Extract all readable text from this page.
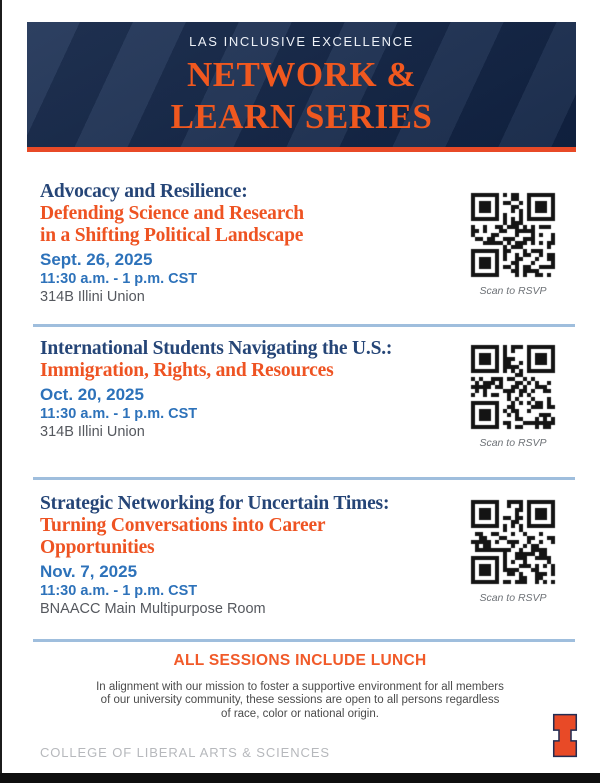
LAS INCLUSIVE EXCELLENCE
NETWORK &
LEARN SERIES
Advocacy and Resilience:
Defending Science and Research
in a Shifting Political Landscape
Sept. 26, 2025
11:30 a.m. - 1 p.m. CST
314B Illini Union	Scan to RSVP
International Students Navigating the U.S.:
Immigration, Rights, and Resources
Oct. 20, 2025
11:30 a.m. - 1 p.m. CST
314B Illini Union
Scan to RSVP
Strategic Networking for Uncertain Times:
Turning Conversations into Career
Opportunities
Nov. 7, 2025
11:30 a.m. - 1 p.m. CST
BNAACC Main Multipurpose Room
Scan to RSVP
ALL SESSIONS INCLUDE LUNCH
In alignment with our mission to foster a supportive environment for all members of our university community, these sessions are open to all persons regardless of race, color or national origin.
COLLEGE OF LIBERAL ARTS & SCIENCES
